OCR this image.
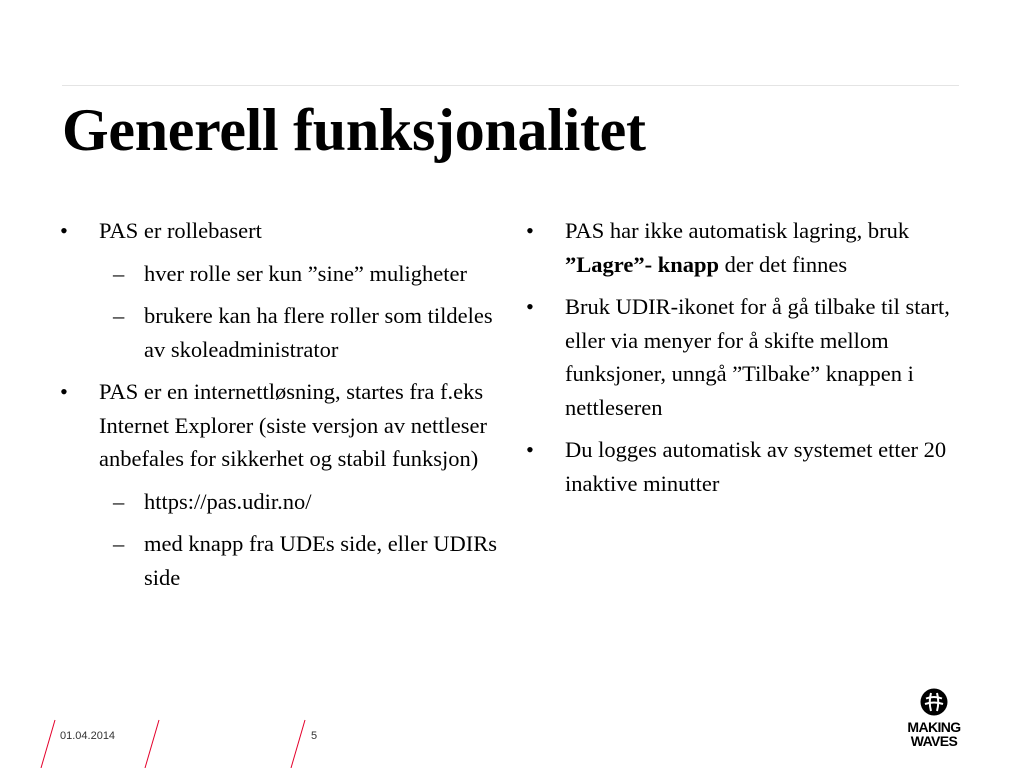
Generell funksjonalitet
• PAS er rollebasert
– hver rolle ser kun ”sine” muligheter
– brukere kan ha flere roller som tildeles av skoleadministrator
• PAS er en internettløsning, startes fra f.eks Internet Explorer (siste versjon av nettleser anbefales for sikkerhet og stabil funksjon)
– https://pas.udir.no/
– med knapp fra UDEs side, eller UDIRs side
• PAS har ikke automatisk lagring, bruk ”Lagre”- knapp der det finnes
• Bruk UDIR-ikonet for å gå tilbake til start, eller via menyer for å skifte mellom funksjoner, unngå ”Tilbake” knappen i nettleseren
• Du logges automatisk av systemet etter 20 inaktive minutter
01.04.2014	5
MAKING
WAVES
